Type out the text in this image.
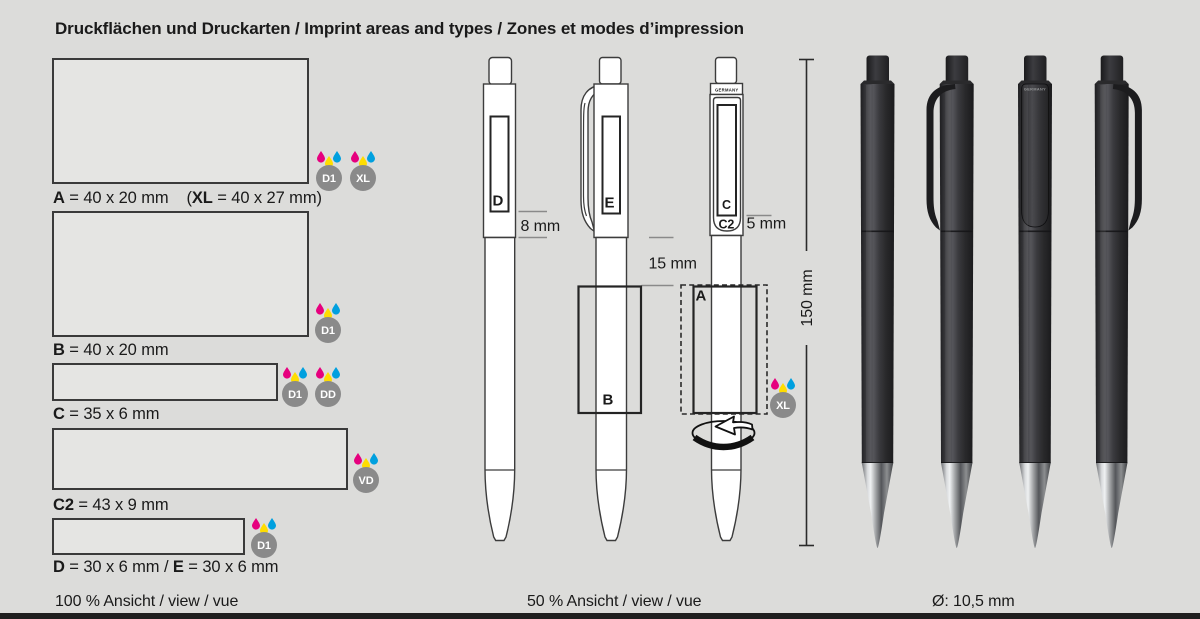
Druckflächen und Druckarten / Imprint areas and types / Zones et modes d’impression
A = 40 x 20 mm    (XL = 40 x 27 mm)
B = 40 x 20 mm
C = 35 x 6 mm
C2 = 43 x 9 mm
D = 30 x 6 mm / E = 30 x 6 mm
D1 XL
D1
D1 DD
VD
D1
D
8 mm
E
15 mm
B
GERMANY
C
C2 5 mm
A	150 mm
XL
GERMANY
100 % Ansicht / view / vue	50 % Ansicht / view / vue	Ø: 10,5 mm
